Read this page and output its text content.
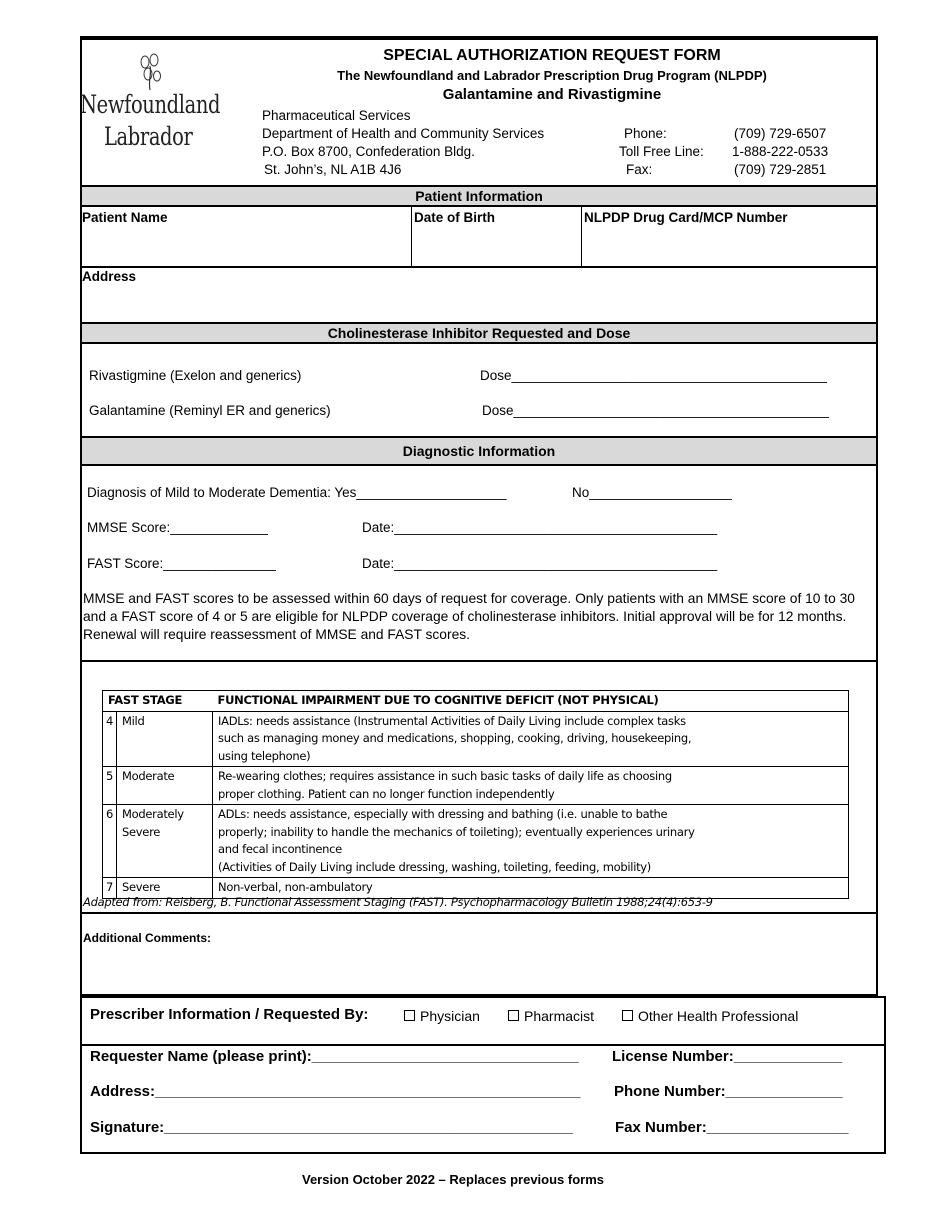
Newfoundland
Labrador
SPECIAL AUTHORIZATION REQUEST FORM
The Newfoundland and Labrador Prescription Drug Program (NLPDP)
Galantamine and Rivastigmine
Pharmaceutical Services
Department of Health and Community Services
P.O. Box 8700, Confederation Bldg.
St. John’s, NL A1B 4J6
Phone:	(709) 729-6507
Toll Free Line: 1-888-222-0533
Fax:	(709) 729-2851
Patient Information
Patient Name	Date of Birth	NLPDP Drug Card/MCP Number
Address
Cholinesterase Inhibitor Requested and Dose
Rivastigmine (Exelon and generics)	Dose__________________________________________
Galantamine (Reminyl ER and generics)	Dose__________________________________________
Diagnostic Information
Diagnosis of Mild to Moderate Dementia: Yes____________________	No___________________
MMSE Score:_____________	Date:___________________________________________
FAST Score:_______________	Date:___________________________________________
MMSE and FAST scores to be assessed within 60 days of request for coverage. Only patients with an MMSE score of 10 to 30 and a FAST score of 4 or 5 are eligible for NLPDP coverage of cholinesterase inhibitors. Initial approval will be for 12 months. Renewal will require reassessment of MMSE and FAST scores.
Adapted from: Reisberg, B. Functional Assessment Staging (FAST). Psychopharmacology Bulletin 1988;24(4):653-9
Additional Comments:
FAST STAGE		FUNCTIONAL IMPAIRMENT DUE TO COGNITIVE DEFICIT (NOT PHYSICAL)
4	Mild	IADLs: needs assistance (Instrumental Activities of Daily Living include complex tasks
such as managing money and medications, shopping, cooking, driving, housekeeping,
using telephone)

5	Moderate	Re-wearing clothes; requires assistance in such basic tasks of daily life as choosing
proper clothing. Patient can no longer function independently

6	Moderately Severe	ADLs: needs assistance, especially with dressing and bathing (i.e. unable to bathe
properly; inability to handle the mechanics of toileting); eventually experiences urinary
and fecal incontinence
(Activities of Daily Living include dressing, washing, toileting, feeding, mobility)

7	Severe	Non-verbal, non-ambulatory
Prescriber Information / Requested By:	Physician	Pharmacist	Other Health Professional
Requester Name (please print):________________________________ License Number:_____________
Address:___________________________________________________ Phone Number:______________
Signature:_________________________________________________	Fax Number:_________________
Version October 2022 – Replaces previous forms
